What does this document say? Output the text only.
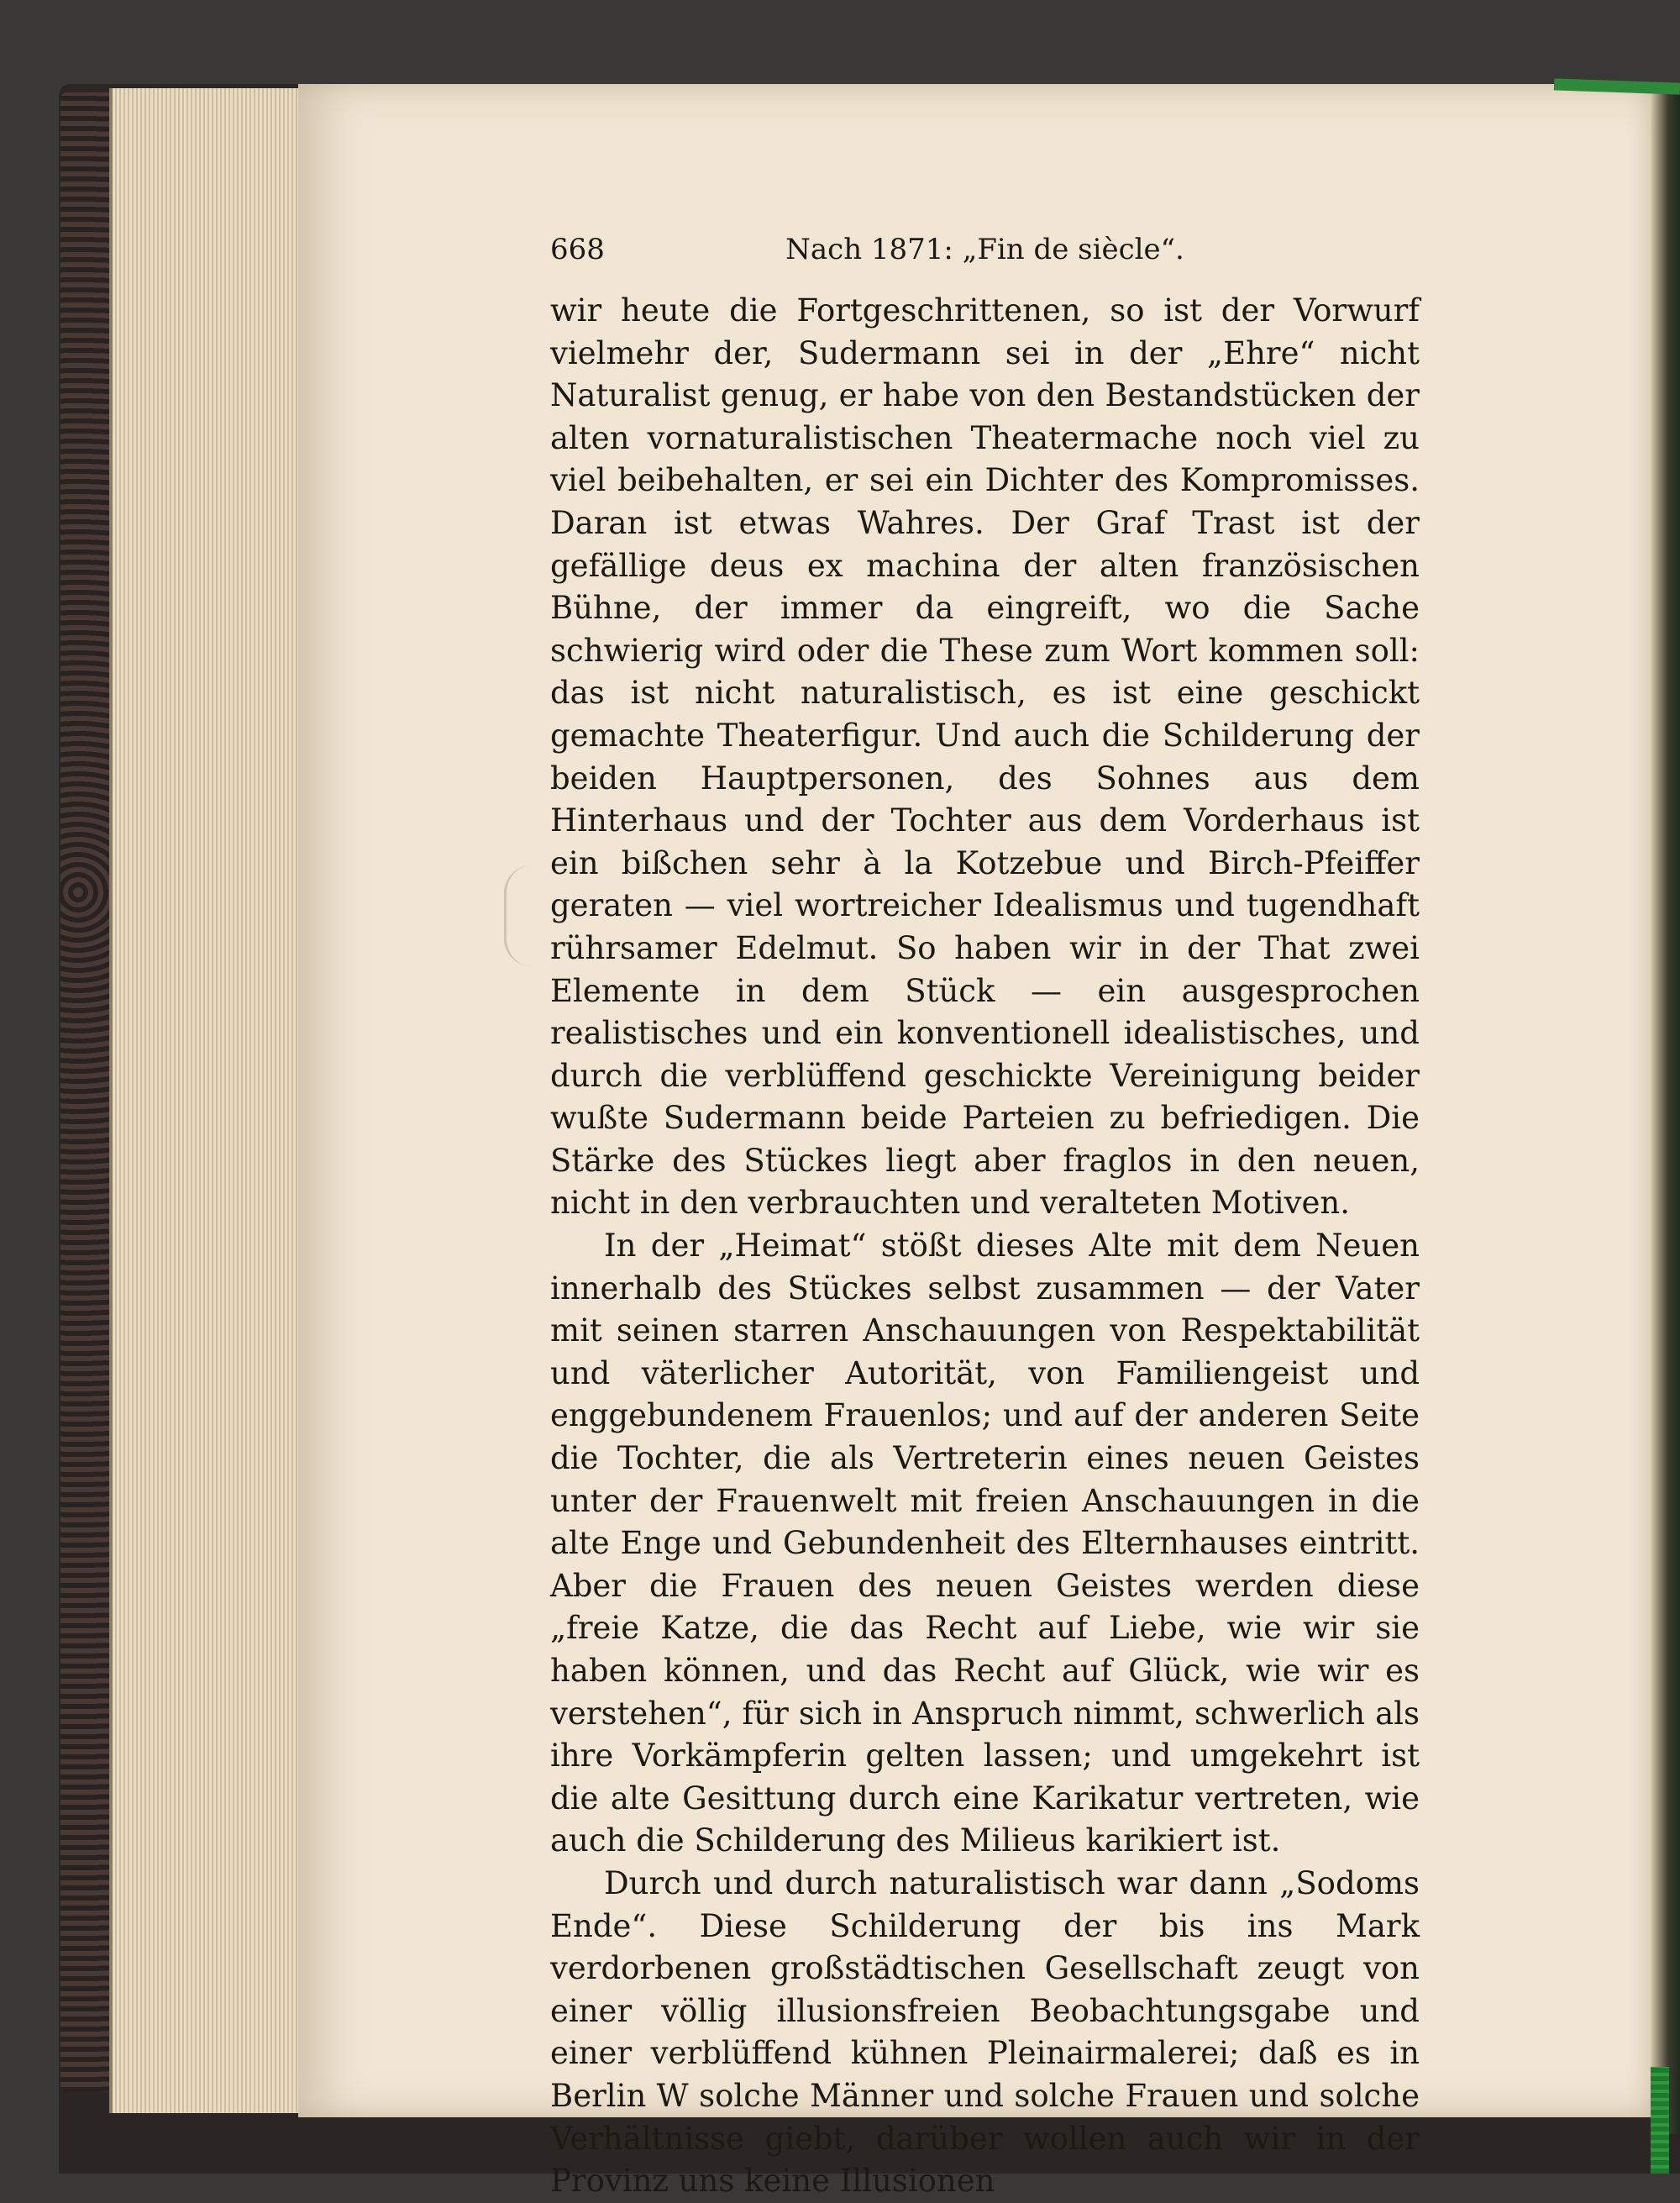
668	Nach 1871: „Fin de siècle“.

wir heute die Fortgeschrittenen, so ist der Vorwurf vielmehr der, Sudermann sei in der „Ehre“ nicht Naturalist genug, er habe von den Bestandstücken der alten vornaturalistischen Theatermache noch viel zu viel beibehalten, er sei ein Dichter des Kompromisses. Daran ist etwas Wahres. Der Graf Trast ist der gefällige deus ex machina der alten französischen Bühne, der immer da eingreift, wo die Sache schwierig wird oder die These zum Wort kommen soll: das ist nicht naturalistisch, es ist eine geschickt gemachte Theaterfigur. Und auch die Schilderung der beiden Hauptpersonen, des Sohnes aus dem Hinterhaus und der Tochter aus dem Vorderhaus ist ein bißchen sehr à la Kotzebue und Birch-Pfeiffer geraten — viel wortreicher Idealismus und tugendhaft rührsamer Edelmut. So haben wir in der That zwei Elemente in dem Stück — ein ausgesprochen realistisches und ein konventionell idealistisches, und durch die verblüffend geschickte Vereinigung beider wußte Sudermann beide Parteien zu befriedigen. Die Stärke des Stückes liegt aber fraglos in den neuen, nicht in den verbrauchten und veralteten Motiven.

In der „Heimat“ stößt dieses Alte mit dem Neuen innerhalb des Stückes selbst zusammen — der Vater mit seinen starren Anschauungen von Respektabilität und väterlicher Autorität, von Familiengeist und enggebundenem Frauenlos; und auf der anderen Seite die Tochter, die als Vertreterin eines neuen Geistes unter der Frauenwelt mit freien Anschauungen in die alte Enge und Gebundenheit des Elternhauses eintritt. Aber die Frauen des neuen Geistes werden diese „freie Katze, die das Recht auf Liebe, wie wir sie haben können, und das Recht auf Glück, wie wir es verstehen“, für sich in Anspruch nimmt, schwerlich als ihre Vorkämpferin gelten lassen; und umgekehrt ist die alte Gesittung durch eine Karikatur vertreten, wie auch die Schilderung des Milieus karikiert ist.

Durch und durch naturalistisch war dann „Sodoms Ende“. Diese Schilderung der bis ins Mark verdorbenen großstädtischen Gesellschaft zeugt von einer völlig illusionsfreien Beobachtungsgabe und einer verblüffend kühnen Pleinairmalerei; daß es in Berlin W solche Männer und solche Frauen und solche Verhältnisse giebt, darüber wollen auch wir in der Provinz uns keine Illusionen
